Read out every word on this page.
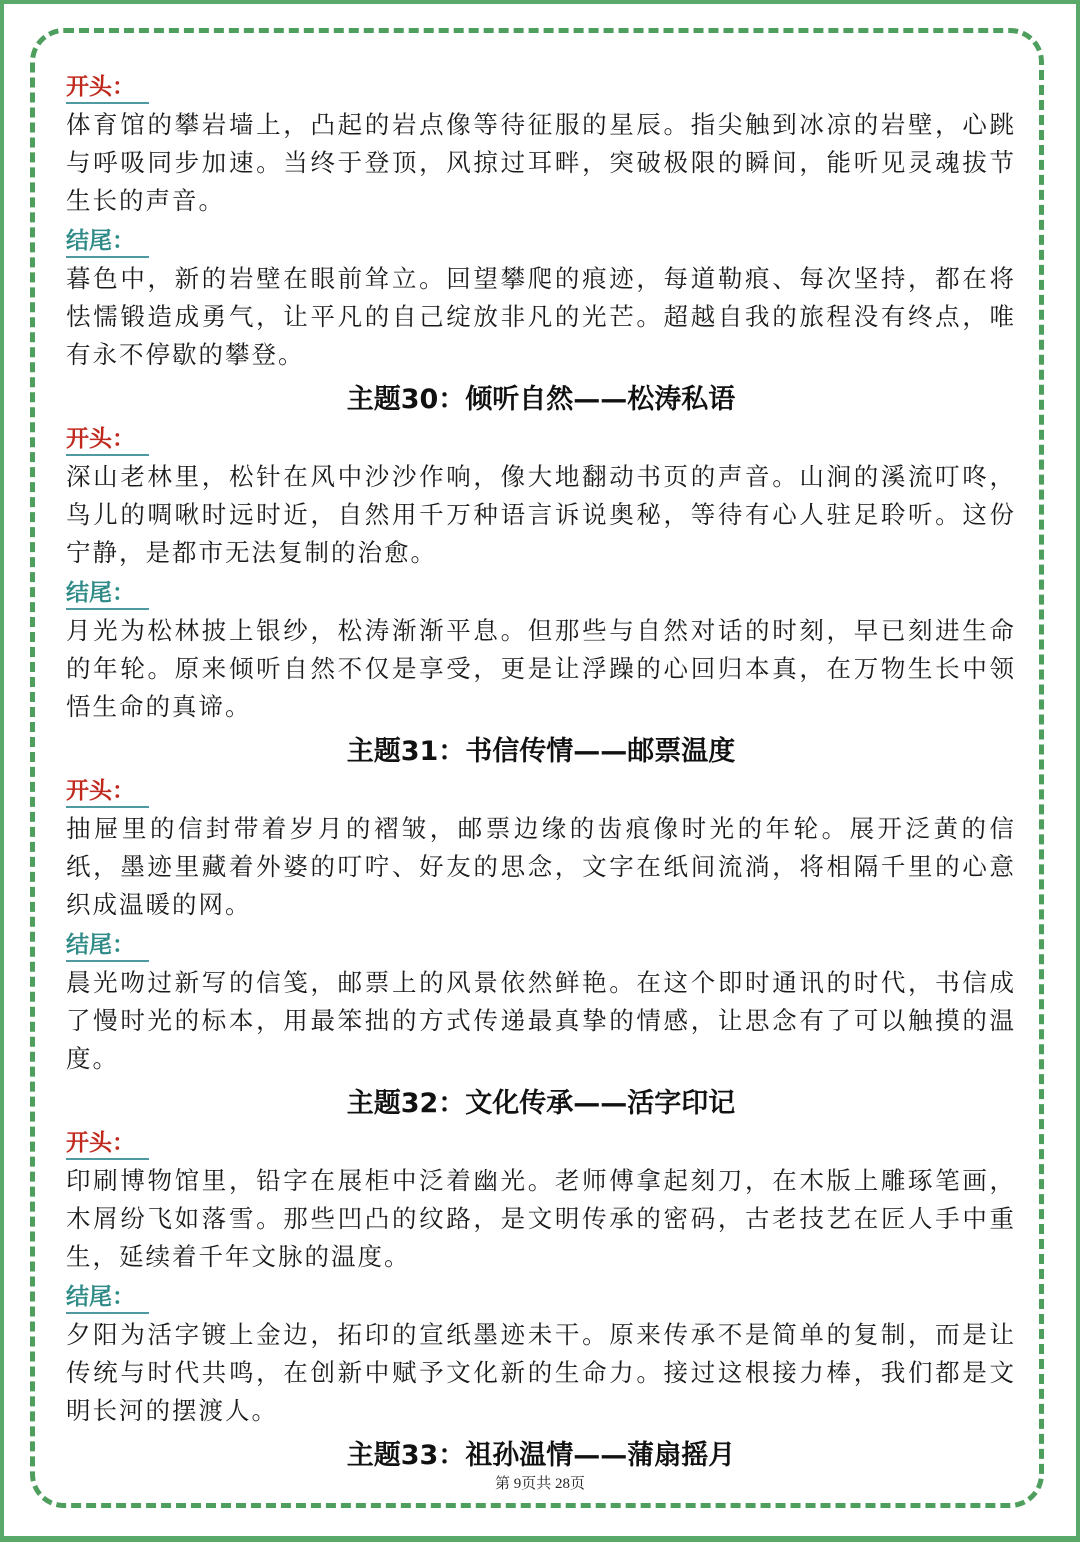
开头：
体育馆的攀岩墙上，凸起的岩点像等待征服的星辰。指尖触到冰凉的岩壁，心跳与呼吸同步加速。当终于登顶，风掠过耳畔，突破极限的瞬间，能听见灵魂拔节生长的声音。
结尾：
暮色中，新的岩壁在眼前耸立。回望攀爬的痕迹，每道勒痕、每次坚持，都在将怯懦锻造成勇气，让平凡的自己绽放非凡的光芒。超越自我的旅程没有终点，唯有永不停歇的攀登。
主题30：倾听自然——松涛私语
开头：
深山老林里，松针在风中沙沙作响，像大地翻动书页的声音。山涧的溪流叮咚，鸟儿的啁啾时远时近，自然用千万种语言诉说奥秘，等待有心人驻足聆听。这份宁静，是都市无法复制的治愈。
结尾：
月光为松林披上银纱，松涛渐渐平息。但那些与自然对话的时刻，早已刻进生命的年轮。原来倾听自然不仅是享受，更是让浮躁的心回归本真，在万物生长中领悟生命的真谛。
主题31：书信传情——邮票温度
开头：
抽屉里的信封带着岁月的褶皱，邮票边缘的齿痕像时光的年轮。展开泛黄的信纸，墨迹里藏着外婆的叮咛、好友的思念，文字在纸间流淌，将相隔千里的心意织成温暖的网。
结尾：
晨光吻过新写的信笺，邮票上的风景依然鲜艳。在这个即时通讯的时代，书信成了慢时光的标本，用最笨拙的方式传递最真挚的情感，让思念有了可以触摸的温度。
主题32：文化传承——活字印记
开头：
印刷博物馆里，铅字在展柜中泛着幽光。老师傅拿起刻刀，在木版上雕琢笔画，木屑纷飞如落雪。那些凹凸的纹路，是文明传承的密码，古老技艺在匠人手中重生，延续着千年文脉的温度。
结尾：
夕阳为活字镀上金边，拓印的宣纸墨迹未干。原来传承不是简单的复制，而是让传统与时代共鸣，在创新中赋予文化新的生命力。接过这根接力棒，我们都是文明长河的摆渡人。
主题33：祖孙温情——蒲扇摇月
第 9页共 28页
